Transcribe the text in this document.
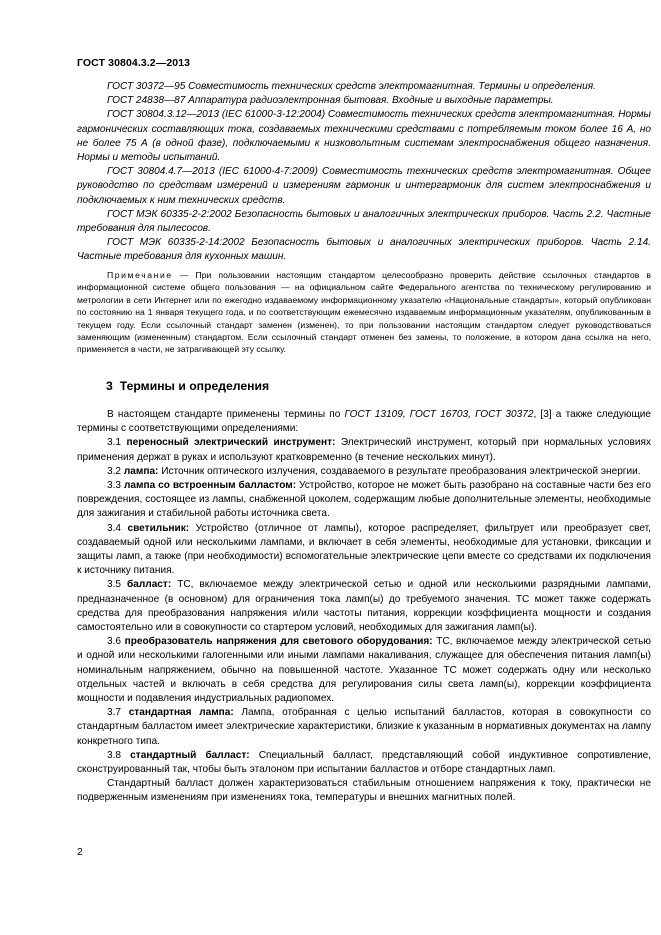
ГОСТ 30804.3.2—2013

ГОСТ 30372—95 Совместимость технических средств электромагнитная. Термины и определения.

ГОСТ 24838—87 Аппаратура радиоэлектронная бытовая. Входные и выходные параметры.

ГОСТ 30804.3.12—2013 (IEC 61000-3-12:2004) Совместимость технических средств электромагнитная. Нормы гармонических составляющих тока, создаваемых техническими средствами с потребляемым током более 16 А, но не более 75 А (в одной фазе), подключаемыми к низковольтным системам электроснабжения общего назначения. Нормы и методы испытаний.

ГОСТ 30804.4.7—2013 (IEC 61000-4-7:2009) Совместимость технических средств электромагнитная. Общее руководство по средствам измерений и измерениям гармоник и интергармоник для систем электроснабжения и подключаемых к ним технических средств.

ГОСТ МЭК 60335-2-2:2002 Безопасность бытовых и аналогичных электрических приборов. Часть 2.2. Частные требования для пылесосов.

ГОСТ МЭК 60335-2-14:2002 Безопасность бытовых и аналогичных электрических приборов. Часть 2.14. Частные требования для кухонных машин.

Примечание — При пользовании настоящим стандартом целесообразно проверить действие ссылочных стандартов в информационной системе общего пользования — на официальном сайте Федерального агентства по техническому регулированию и метрологии в сети Интернет или по ежегодно издаваемому информационному указателю «Национальные стандарты», который опубликован по состоянию на 1 января текущего года, и по соответствующим ежемесячно издаваемым информационным указателям, опубликованным в текущем году. Если ссылочный стандарт заменен (изменен), то при пользовании настоящим стандартом следует руководствоваться заменяющим (измененным) стандартом. Если ссылочный стандарт отменен без замены, то положение, в котором дана ссылка на него, применяется в части, не затрагивающей эту ссылку.

3 Термины и определения

В настоящем стандарте применены термины по ГОСТ 13109, ГОСТ 16703, ГОСТ 30372, [3] а также следующие термины с соответствующими определениями:

3.1 переносный электрический инструмент: Электрический инструмент, который при нормальных условиях применения держат в руках и используют кратковременно (в течение нескольких минут).

3.2 лампа: Источник оптического излучения, создаваемого в результате преобразования электрической энергии.

3.3 лампа со встроенным балластом: Устройство, которое не может быть разобрано на составные части без его повреждения, состоящее из лампы, снабженной цоколем, содержащим любые дополнительные элементы, необходимые для зажигания и стабильной работы источника света.

3.4 светильник: Устройство (отличное от лампы), которое распределяет, фильтрует или преобразует свет, создаваемый одной или несколькими лампами, и включает в себя элементы, необходимые для установки, фиксации и защиты ламп, а также (при необходимости) вспомогательные электрические цепи вместе со средствами их подключения к источнику питания.

3.5 балласт: ТС, включаемое между электрической сетью и одной или несколькими разрядными лампами, предназначенное (в основном) для ограничения тока ламп(ы) до требуемого значения. ТС может также содержать средства для преобразования напряжения и/или частоты питания, коррекции коэффициента мощности и создания самостоятельно или в совокупности со стартером условий, необходимых для зажигания ламп(ы).

3.6 преобразователь напряжения для светового оборудования: ТС, включаемое между электрической сетью и одной или несколькими галогенными или иными лампами накаливания, служащее для обеспечения питания ламп(ы) номинальным напряжением, обычно на повышенной частоте. Указанное ТС может содержать одну или несколько отдельных частей и включать в себя средства для регулирования силы света ламп(ы), коррекции коэффициента мощности и подавления индустриальных радиопомех.

3.7 стандартная лампа: Лампа, отобранная с целью испытаний балластов, которая в совокупности со стандартным балластом имеет электрические характеристики, близкие к указанным в нормативных документах на лампу конкретного типа.

3.8 стандартный балласт: Специальный балласт, представляющий собой индуктивное сопротивление, сконструированный так, чтобы быть эталоном при испытании балластов и отборе стандартных ламп.

Стандартный балласт должен характеризоваться стабильным отношением напряжения к току, практически не подверженным изменениям при изменениях тока, температуры и внешних магнитных полей.

2
